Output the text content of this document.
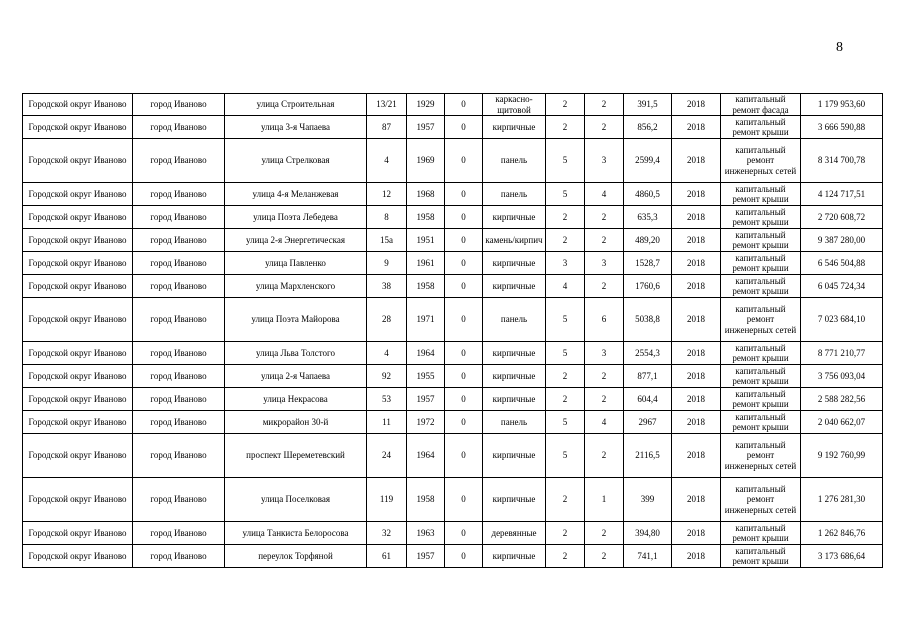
8
Городской округ Иваново	город Иваново	улица Строительная	13/21	1929	0	каркасно-щитовой	2	2	391,5	2018	капитальный ремонт фасада	1 179 953,60
Городской округ Иваново	город Иваново	улица 3-я Чапаева	87	1957	0	кирпичные	2	2	856,2	2018	капитальный ремонт крыши	3 666 590,88
Городской округ Иваново	город Иваново	улица Стрелковая	4	1969	0	панель	5	3	2599,4	2018	капитальный ремонт инженерных сетей	8 314 700,78
Городской округ Иваново	город Иваново	улица 4-я Меланжевая	12	1968	0	панель	5	4	4860,5	2018	капитальный ремонт крыши	4 124 717,51
Городской округ Иваново	город Иваново	улица Поэта Лебедева	8	1958	0	кирпичные	2	2	635,3	2018	капитальный ремонт крыши	2 720 608,72
Городской округ Иваново	город Иваново	улица 2-я Энергетическая	15а	1951	0	камень/кирпич	2	2	489,20	2018	капитальный ремонт крыши	9 387 280,00
Городской округ Иваново	город Иваново	улица Павленко	9	1961	0	кирпичные	3	3	1528,7	2018	капитальный ремонт крыши	6 546 504,88
Городской округ Иваново	город Иваново	улица Мархленского	38	1958	0	кирпичные	4	2	1760,6	2018	капитальный ремонт крыши	6 045 724,34
Городской округ Иваново	город Иваново	улица Поэта Майорова	28	1971	0	панель	5	6	5038,8	2018	капитальный ремонт инженерных сетей	7 023 684,10
Городской округ Иваново	город Иваново	улица Льва Толстого	4	1964	0	кирпичные	5	3	2554,3	2018	капитальный ремонт крыши	8 771 210,77
Городской округ Иваново	город Иваново	улица 2-я Чапаева	92	1955	0	кирпичные	2	2	877,1	2018	капитальный ремонт крыши	3 756 093,04
Городской округ Иваново	город Иваново	улица Некрасова	53	1957	0	кирпичные	2	2	604,4	2018	капитальный ремонт крыши	2 588 282,56
Городской округ Иваново	город Иваново	микрорайон 30-й	11	1972	0	панель	5	4	2967	2018	капитальный ремонт крыши	2 040 662,07
Городской округ Иваново	город Иваново	проспект Шереметевский	24	1964	0	кирпичные	5	2	2116,5	2018	капитальный ремонт инженерных сетей	9 192 760,99
Городской округ Иваново	город Иваново	улица Поселковая	119	1958	0	кирпичные	2	1	399	2018	капитальный ремонт инженерных сетей	1 276 281,30
Городской округ Иваново	город Иваново	улица Танкиста Белоросова	32	1963	0	деревянные	2	2	394,80	2018	капитальный ремонт крыши	1 262 846,76
Городской округ Иваново	город Иваново	переулок Торфяной	61	1957	0	кирпичные	2	2	741,1	2018	капитальный ремонт крыши	3 173 686,64
